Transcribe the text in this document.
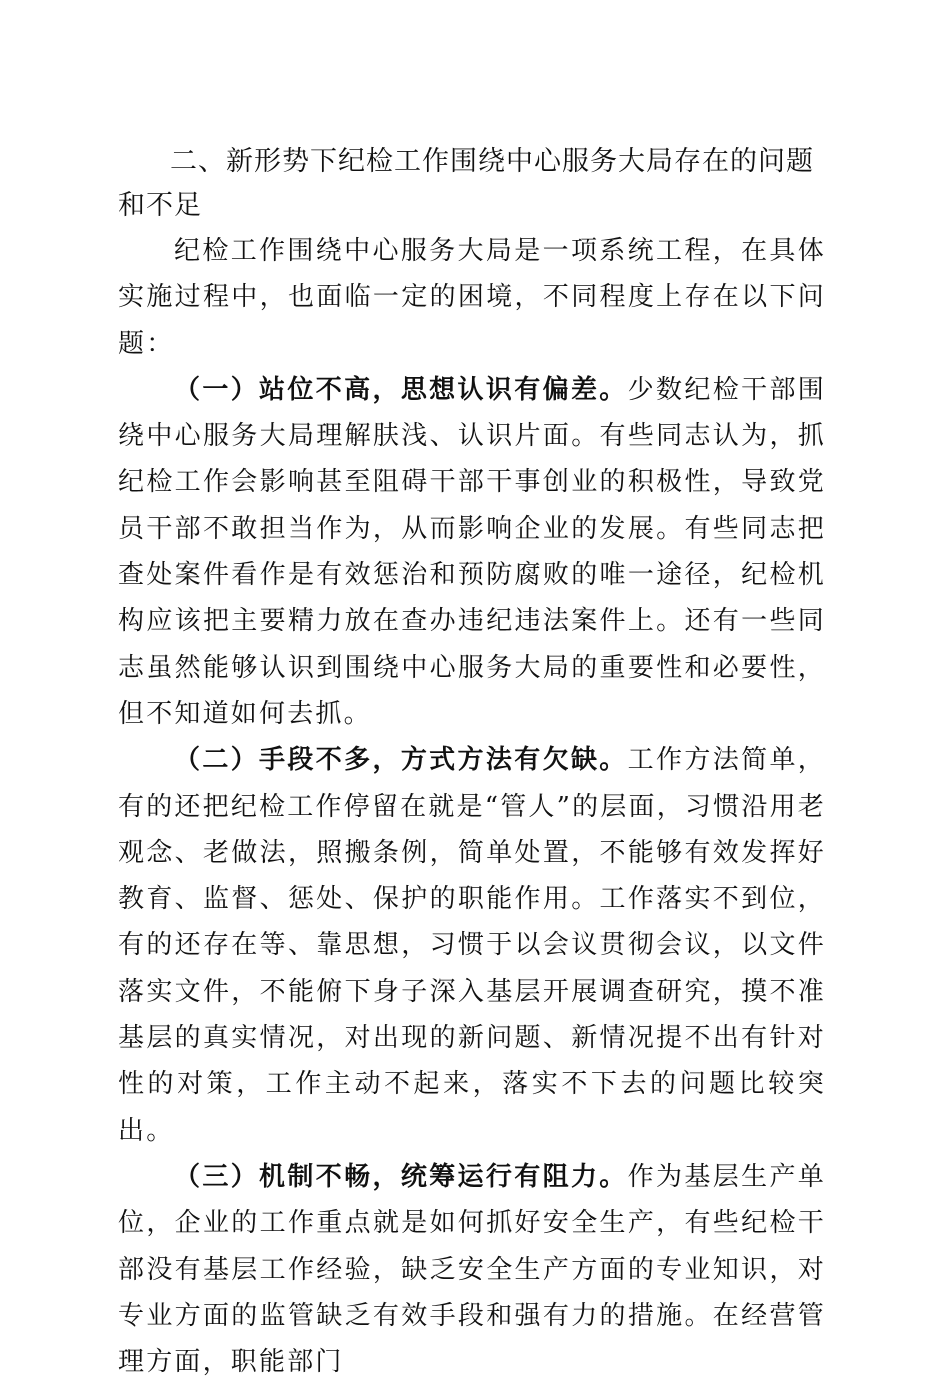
二、新形势下纪检工作围绕中心服务大局存在的问题和不足

纪检工作围绕中心服务大局是一项系统工程，在具体实施过程中，也面临一定的困境，不同程度上存在以下问题：

（一）站位不高，思想认识有偏差。少数纪检干部围绕中心服务大局理解肤浅、认识片面。有些同志认为，抓纪检工作会影响甚至阻碍干部干事创业的积极性，导致党员干部不敢担当作为，从而影响企业的发展。有些同志把查处案件看作是有效惩治和预防腐败的唯一途径，纪检机构应该把主要精力放在查办违纪违法案件上。还有一些同志虽然能够认识到围绕中心服务大局的重要性和必要性，但不知道如何去抓。

（二）手段不多，方式方法有欠缺。工作方法简单，有的还把纪检工作停留在就是“管人”的层面，习惯沿用老观念、老做法，照搬条例，简单处置，不能够有效发挥好教育、监督、惩处、保护的职能作用。工作落实不到位，有的还存在等、靠思想，习惯于以会议贯彻会议，以文件落实文件，不能俯下身子深入基层开展调查研究，摸不准基层的真实情况，对出现的新问题、新情况提不出有针对性的对策，工作主动不起来，落实不下去的问题比较突出。

（三）机制不畅，统筹运行有阻力。作为基层生产单位，企业的工作重点就是如何抓好安全生产，有些纪检干部没有基层工作经验，缺乏安全生产方面的专业知识，对专业方面的监管缺乏有效手段和强有力的措施。在经营管理方面，职能部门
